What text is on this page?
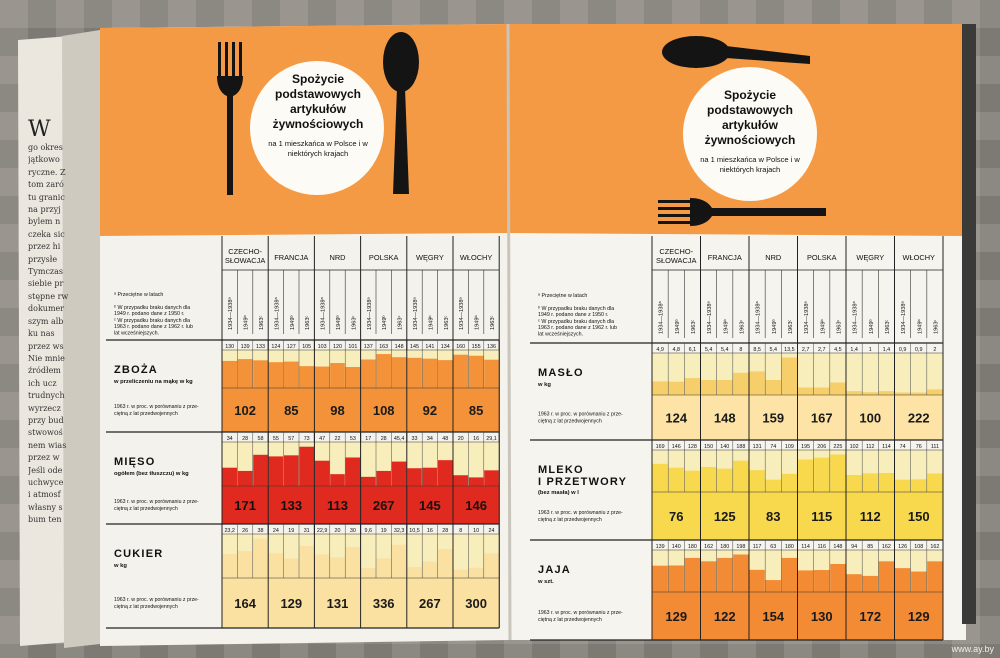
CZECHO-
SŁOWACJA
1934—1938ᵃ 1949ᵇ 1963ᶜ
FRANCJA
1934—1938ᵃ 1949ᵇ 1963ᶜ
NRD
1934—1938ᵃ 1949ᵇ 1963ᶜ
POLSKA
1934—1938ᵃ 1949ᵇ 1963ᶜ
WĘGRY
1934—1938ᵃ 1949ᵇ 1963ᶜ
WŁOCHY
1934—1938ᵃ 1949ᵇ 1963ᶜ
ᵃ Przeciętne w latach
ᵇ W przypadku braku danych dla
1949 r. podano dane z 1950 r.
ᶜ W przypadku braku danych dla
1963 r. podano dane z 1962 r. lub
lat wcześniejszych.
ZBOŻA
w przeliczeniu na mąkę w kg
1963 r. w proc. w porównaniu z prze-
ciętną z lat przedwojennych
130 139 133
102
124 127 105
85
103 120 101
98
137 163 148
108
145 141 134
92
160 155 136
85
MIĘSO
ogółem (bez tłuszczu) w kg
1963 r. w proc. w porównaniu z prze-
ciętną z lat przedwojennych
34 28 58
171
55 57 73
133
47 22 53
113
17 28 45,4
267
33 34 48
145
20 16 29,1
146
CUKIER
w kg
1963 r. w proc. w porównaniu z prze-
ciętną z lat przedwojennych
23,2 26 38
164
24 19 31
129
22,9 20 30
131
9,6 19 32,3
336
10,5 16 28
267
8 10 24
300
CZECHO-
SŁOWACJA
1934—1938ᵃ 1949ᵇ 1963ᶜ
FRANCJA
1934—1938ᵃ 1949ᵇ 1963ᶜ
NRD
1934—1938ᵃ 1949ᵇ 1963ᶜ
POLSKA
1934—1938ᵃ 1949ᵇ 1963ᶜ
WĘGRY
1934—1938ᵃ 1949ᵇ 1963ᶜ
WŁOCHY
1934—1938ᵃ 1949ᵇ 1963ᶜ
ᵃ Przeciętne w latach
ᵇ W przypadku braku danych dla
1949 r. podano dane z 1950 r.
ᶜ W przypadku braku danych dla
1963 r. podano dane z 1962 r. lub
lat wcześniejszych.
MASŁO
w kg
1963 r. w proc. w porównaniu z prze-
ciętną z lat przedwojennych
4,9 4,8 6,1
124
5,4 5,4 8
148
8,5 5,4 13,5
159
2,7 2,7 4,5
167
1,4 1 1,4
100
0,9 0,9 2
222
MLEKO
I PRZETWORY
(bez masła) w l
1963 r. w proc. w porównaniu z prze-
ciętną z lat przedwojennych
169 146 128
76
150 140 188
125
131 74 109
83
195 206 225
115
102 112 114
112
74 76 111
150
JAJA
w szt.
1963 r. w proc. w porównaniu z prze-
ciętną z lat przedwojennych
139 140 180
129
162 180 198
122
117 63 180
154
114 116 148
130
94 85 162
172
126 108 162
129
www.ay.by
W
go okres
jątkowo
ryczne. Z
tom zaró
tu granic
na przyj
bylem n
czeka sic
przez hi
przysłe
Tymczas
siebie pr
stępne rw
dokumer
szym alb
ku nas
przez ws
Nie mnie
źródłem
ich ucz
trudnych
wyrzecz
przy bud
stwowoś
nem wias
przez w
Jeśli ode
uchwyce
i atmosf
własny s
bum ten
Spożycie podstawowych artykułów żywnościowych
na 1 mieszkańca w Polsce i w niektórych krajach
Spożycie podstawowych artykułów żywnościowych
na 1 mieszkańca w Polsce i w niektórych krajach
